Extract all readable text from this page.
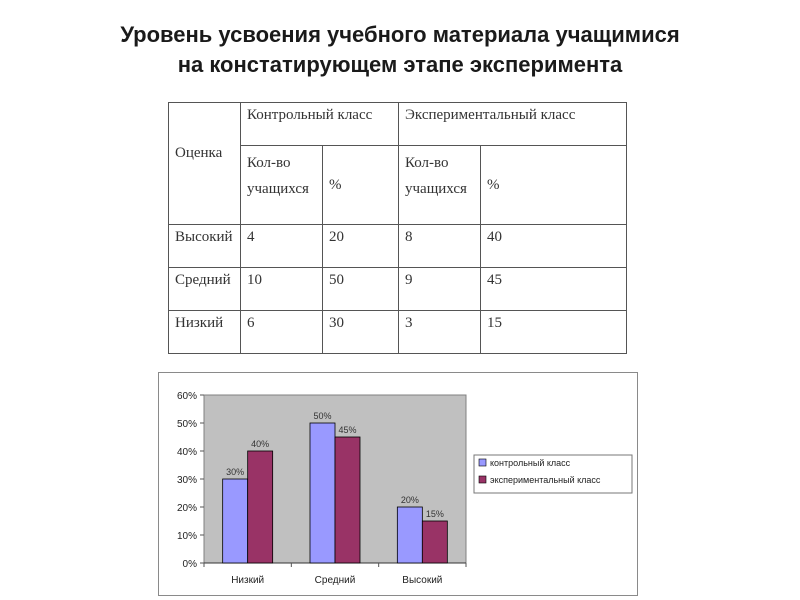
Уровень усвоения учебного материала учащимися
на констатирующем этапе эксперимента
Оценка	Контрольный класс		Экспериментальный класс	
	Кол-во учащихся	%	Кол-во учащихся	%
Высокий	4	20	8	40
Средний	10	50	9	45
Низкий	6	30	3	15
0%
10%
20%
30%
40%
50%
60%
Низкий
30%
40%
Средний
50%
45%
Высокий
20%
15%
контрольный класс
экспериментальный класс
